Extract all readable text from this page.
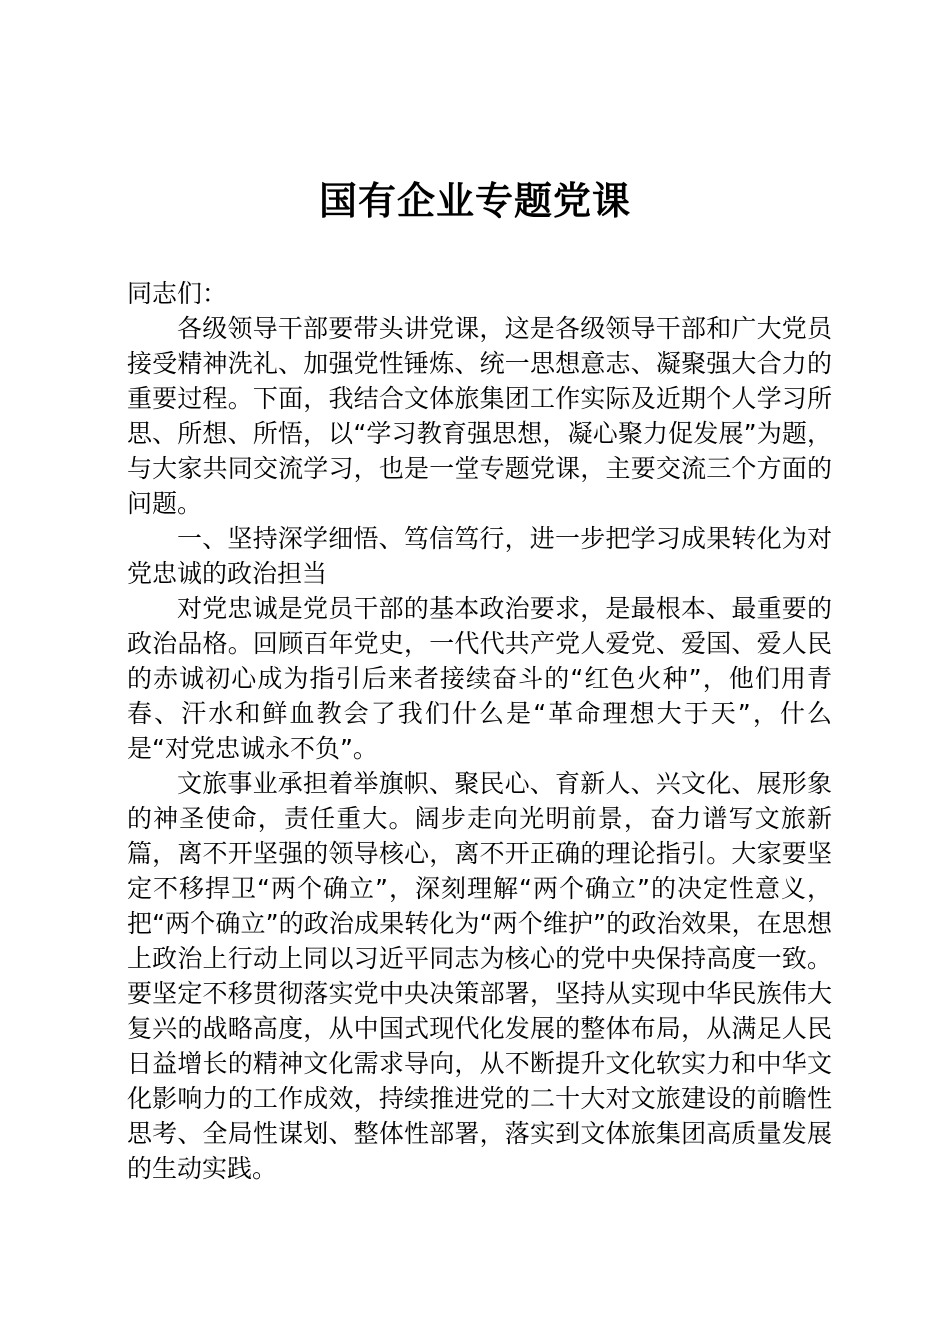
国有企业专题党课

同志们：

各级领导干部要带头讲党课，这是各级领导干部和广大党员接受精神洗礼、加强党性锤炼、统一思想意志、凝聚强大合力的重要过程。下面，我结合文体旅集团工作实际及近期个人学习所思、所想、所悟，以“学习教育强思想，凝心聚力促发展”为题，与大家共同交流学习，也是一堂专题党课，主要交流三个方面的问题。

一、坚持深学细悟、笃信笃行，进一步把学习成果转化为对党忠诚的政治担当

对党忠诚是党员干部的基本政治要求，是最根本、最重要的政治品格。回顾百年党史，一代代共产党人爱党、爱国、爱人民的赤诚初心成为指引后来者接续奋斗的“红色火种”，他们用青春、汗水和鲜血教会了我们什么是“革命理想大于天”，什么是“对党忠诚永不负”。

文旅事业承担着举旗帜、聚民心、育新人、兴文化、展形象的神圣使命，责任重大。阔步走向光明前景，奋力谱写文旅新篇，离不开坚强的领导核心，离不开正确的理论指引。大家要坚定不移捍卫“两个确立”，深刻理解“两个确立”的决定性意义，把“两个确立”的政治成果转化为“两个维护”的政治效果，在思想上政治上行动上同以习近平同志为核心的党中央保持高度一致。要坚定不移贯彻落实党中央决策部署，坚持从实现中华民族伟大复兴的战略高度，从中国式现代化发展的整体布局，从满足人民日益增长的精神文化需求导向，从不断提升文化软实力和中华文化影响力的工作成效，持续推进党的二十大对文旅建设的前瞻性思考、全局性谋划、整体性部署，落实到文体旅集团高质量发展的生动实践。
